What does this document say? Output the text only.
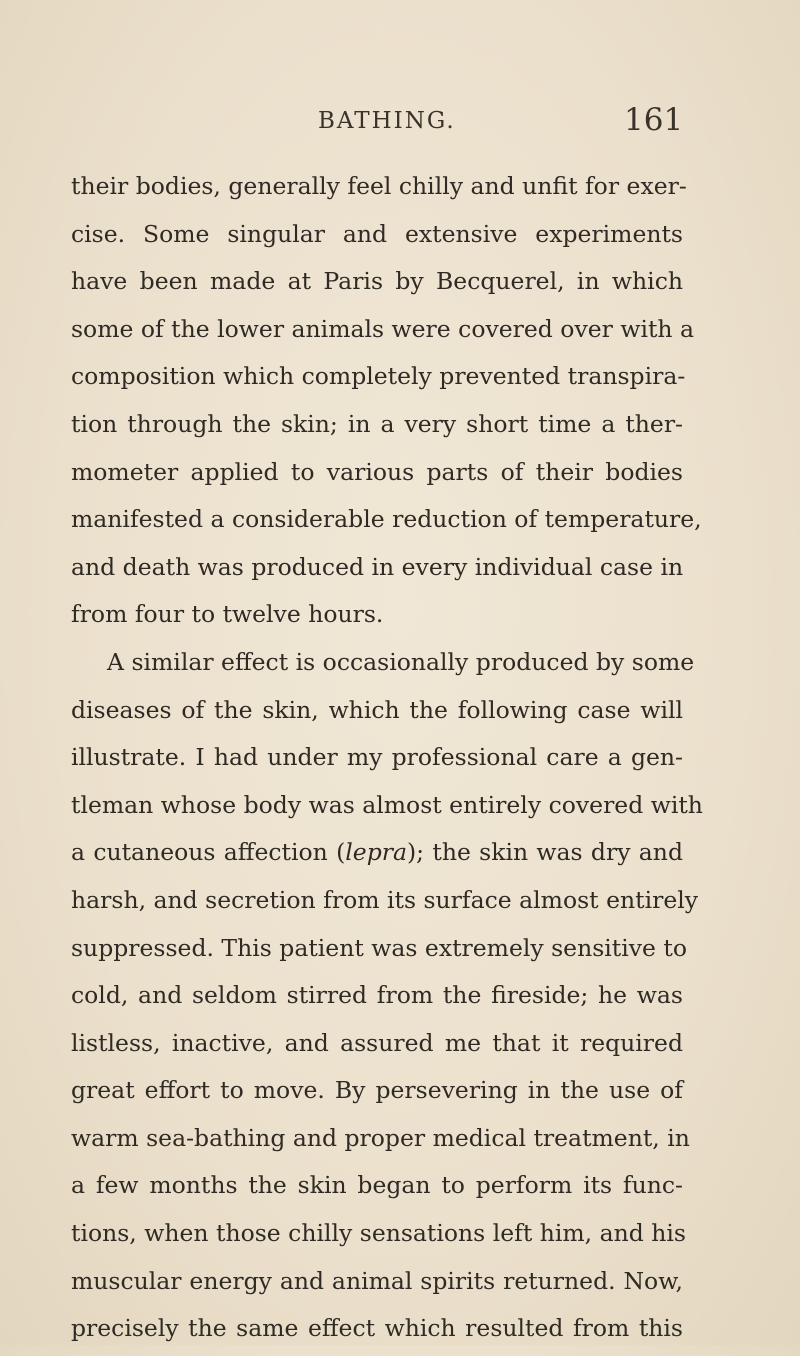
BATHING.	161
their bodies, generally feel chilly and unfit for exer-
cise. Some singular and extensive experiments
have been made at Paris by Becquerel, in which
some of the lower animals were covered over with a
composition which completely prevented transpira-
tion through the skin; in a very short time a ther-
mometer applied to various parts of their bodies
manifested a considerable reduction of temperature,
and death was produced in every individual case in
from four to twelve hours.
A similar effect is occasionally produced by some
diseases of the skin, which the following case will
illustrate. I had under my professional care a gen-
tleman whose body was almost entirely covered with
a cutaneous affection (lepra); the skin was dry and
harsh, and secretion from its surface almost entirely
suppressed. This patient was extremely sensitive to
cold, and seldom stirred from the fireside; he was
listless, inactive, and assured me that it required
great effort to move. By persevering in the use of
warm sea-bathing and proper medical treatment, in
a few months the skin began to perform its func-
tions, when those chilly sensations left him, and his
muscular energy and animal spirits returned. Now,
precisely the same effect which resulted from this
